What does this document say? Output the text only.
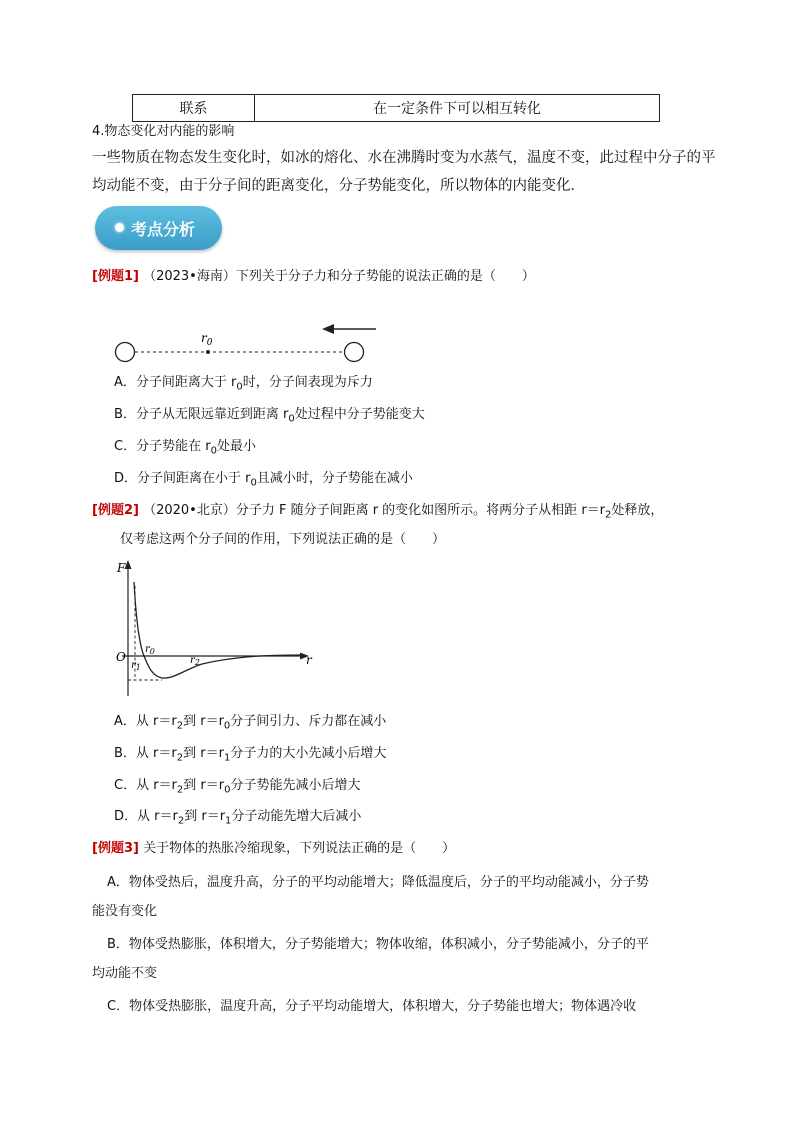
联系	在一定条件下可以相互转化
4.物态变化对内能的影响
一些物质在物态发生变化时，如冰的熔化、水在沸腾时变为水蒸气，温度不变，此过程中分子的平
均动能不变，由于分子间的距离变化，分子势能变化，所以物体的内能变化．
考点分析
[例题1] （2023•海南）下列关于分子力和分子势能的说法正确的是（　　）
$r_0$
A．分子间距离大于 $r_0$时，分子间表现为斥力
B．分子从无限远靠近到距离 $r_0$处过程中分子势能变大
C．分子势能在 $r_0$处最小
D．分子间距离在小于 $r_0$且减小时，分子势能在减小
[例题2] （2020•北京）分子力 F 随分子间距离 r 的变化如图所示。将两分子从相距 $r=r_2$处释放，
仅考虑这两个分子间的作用，下列说法正确的是（　　）
F
O	r
$r_0$
$r_1$
$r_2$
A．从 $r=r_2$到 $r=r_0$分子间引力、斥力都在减小
B．从 $r=r_2$到 $r=r_1$分子力的大小先减小后增大
C．从 $r=r_2$到 $r=r_0$分子势能先减小后增大
D．从 $r=r_2$到 $r=r_1$分子动能先增大后减小
[例题3] 关于物体的热胀冷缩现象，下列说法正确的是（　　）
A．物体受热后，温度升高，分子的平均动能增大；降低温度后，分子的平均动能减小，分子势
能没有变化
B．物体受热膨胀，体积增大，分子势能增大；物体收缩，体积减小，分子势能减小，分子的平
均动能不变
C．物体受热膨胀，温度升高，分子平均动能增大，体积增大，分子势能也增大；物体遇冷收
